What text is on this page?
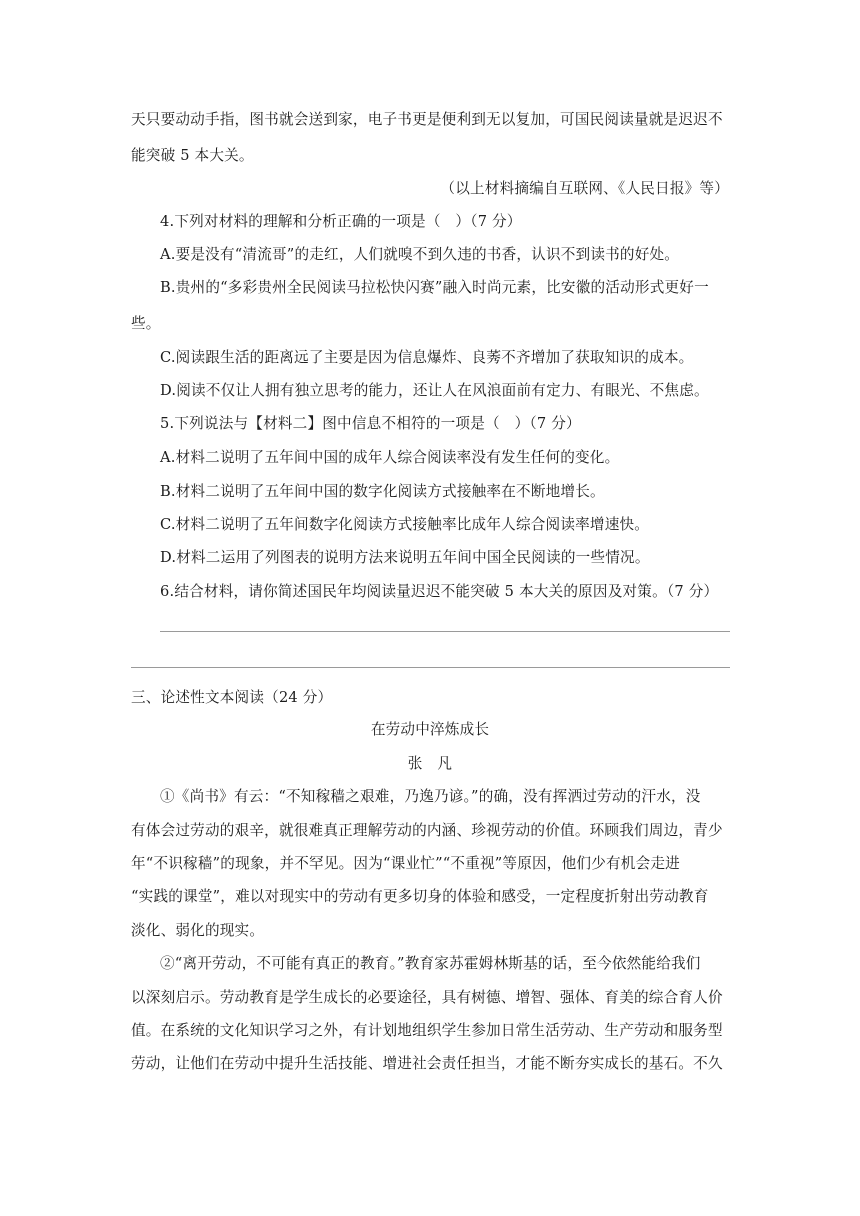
天只要动动手指，图书就会送到家，电子书更是便利到无以复加，可国民阅读量就是迟迟不
能突破 5 本大关。
（以上材料摘编自互联网、《人民日报》等）
4.下列对材料的理解和分析正确的一项是（　）（7 分）
A.要是没有“清流哥”的走红，人们就嗅不到久违的书香，认识不到读书的好处。
B.贵州的“多彩贵州全民阅读马拉松快闪赛”融入时尚元素，比安徽的活动形式更好一
些。
C.阅读跟生活的距离远了主要是因为信息爆炸、良莠不齐增加了获取知识的成本。
D.阅读不仅让人拥有独立思考的能力，还让人在风浪面前有定力、有眼光、不焦虑。
5.下列说法与【材料二】图中信息不相符的一项是（　）（7 分）
A.材料二说明了五年间中国的成年人综合阅读率没有发生任何的变化。
B.材料二说明了五年间中国的数字化阅读方式接触率在不断地增长。
C.材料二说明了五年间数字化阅读方式接触率比成年人综合阅读率增速快。
D.材料二运用了列图表的说明方法来说明五年间中国全民阅读的一些情况。
6.结合材料，请你简述国民年均阅读量迟迟不能突破 5 本大关的原因及对策。（7 分）
三、论述性文本阅读（24 分）
在劳动中淬炼成长
张　凡
①《尚书》有云：“不知稼穑之艰难，乃逸乃谚。”的确，没有挥洒过劳动的汗水，没
有体会过劳动的艰辛，就很难真正理解劳动的内涵、珍视劳动的价值。环顾我们周边，青少
年“不识稼穑”的现象，并不罕见。因为“课业忙”“不重视”等原因，他们少有机会走进
“实践的课堂”，难以对现实中的劳动有更多切身的体验和感受，一定程度折射出劳动教育
淡化、弱化的现实。
②“离开劳动，不可能有真正的教育。”教育家苏霍姆林斯基的话，至今依然能给我们
以深刻启示。劳动教育是学生成长的必要途径，具有树德、增智、强体、育美的综合育人价
值。在系统的文化知识学习之外，有计划地组织学生参加日常生活劳动、生产劳动和服务型
劳动，让他们在劳动中提升生活技能、增进社会责任担当，才能不断夯实成长的基石。不久
